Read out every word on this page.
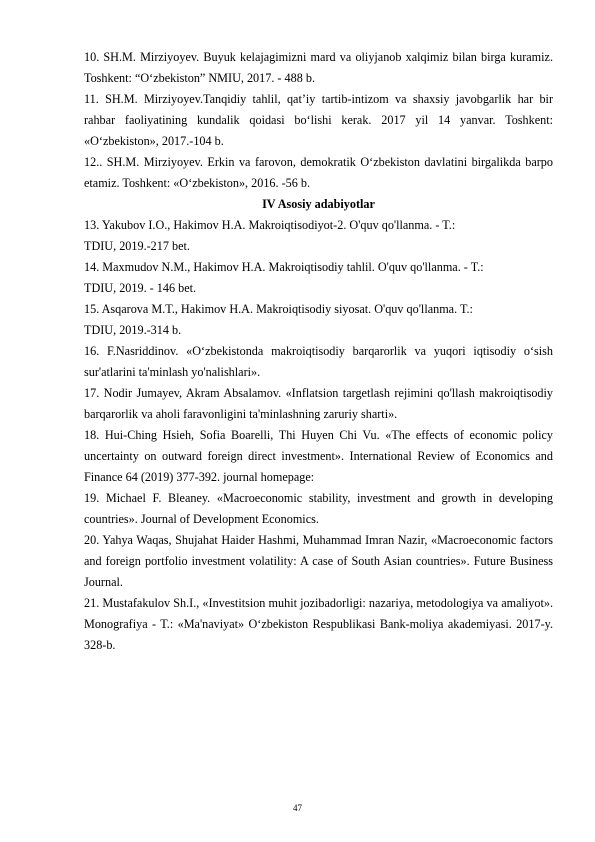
10. SH.M. Mirziyoyev. Buyuk kelajagimizni mard va oliyjanob xalqimiz bilan birga kuramiz. Toshkent: “O‘zbekiston” NMIU, 2017. - 488 b.

11. SH.M. Mirziyoyev.Tanqidiy tahlil, qat’iy tartib-intizom va shaxsiy javobgarlik har bir rahbar faoliyatining kundalik qoidasi bo‘lishi kerak. 2017 yil 14 yanvar. Toshkent: «O‘zbekiston», 2017.-104 b.

12.. SH.M. Mirziyoyev. Erkin va farovon, demokratik O‘zbekiston davlatini birgalikda barpo etamiz. Toshkent: «O‘zbekiston», 2016. -56 b.

IV Asosiy adabiyotlar

13. Yakubov I.O., Hakimov H.A. Makroiqtisodiyot-2. O'quv qo'llanma. - T.:

TDIU, 2019.-217 bet.

14. Maxmudov N.M., Hakimov H.A. Makroiqtisodiy tahlil. O'quv qo'llanma. - T.:

TDIU, 2019. - 146 bet.

15. Asqarova M.T., Hakimov H.A. Makroiqtisodiy siyosat. O'quv qo'llanma. T.:

TDIU, 2019.-314 b.

16. F.Nasriddinov. «O‘zbekistonda makroiqtisodiy barqarorlik va yuqori iqtisodiy o‘sish sur'atlarini ta'minlash yo'nalishlari».

17. Nodir Jumayev, Akram Absalamov. «Inflatsion targetlash rejimini qo'llash makroiqtisodiy barqarorlik va aholi faravonligini ta'minlashning zaruriy sharti».

18. Hui-Ching Hsieh, Sofia Boarelli, Thi Huyen Chi Vu. «The effects of economic policy uncertainty on outward foreign direct investment». International Review of Economics and Finance 64 (2019) 377-392. journal homepage:

19. Michael F. Bleaney. «Macroeconomic stability, investment and growth in developing countries». Journal of Development Economics.

20. Yahya Waqas, Shujahat Haider Hashmi, Muhammad Imran Nazir, «Macroeconomic factors and foreign portfolio investment volatility: A case of South Asian countries». Future Business Journal.

21. Mustafakulov Sh.I., «Investitsion muhit jozibadorligi: nazariya, metodologiya va amaliyot». Monografiya - T.: «Ma'naviyat» O‘zbekiston Respublikasi Bank-moliya akademiyasi. 2017-y. 328-b.

47
